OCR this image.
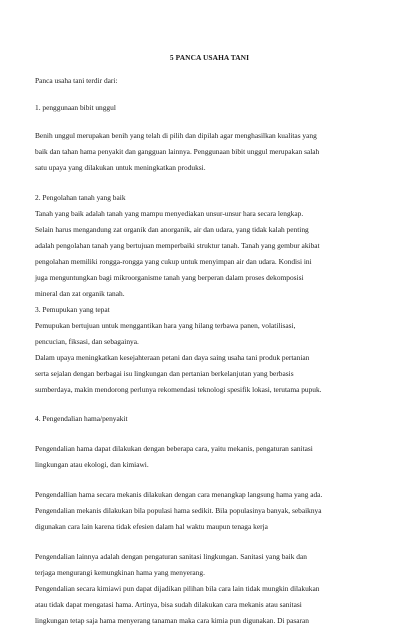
5 PANCA USAHA TANI

Panca usaha tani terdir dari:

1. penggunaan bibit unggul

Benih unggul merupakan benih yang telah di pilih dan dipilah agar menghasilkan kualitas yang

baik dan tahan hama penyakit dan gangguan lainnya. Penggunaan bibit unggul merupakan salah

satu upaya yang dilakukan untuk meningkatkan produksi.

2. Pengolahan tanah yang baik

Tanah yang baik adalah tanah yang mampu menyediakan unsur-unsur hara secara lengkap.

Selain harus mengandung zat organik dan anorganik, air dan udara, yang tidak kalah penting

adalah pengolahan tanah yang bertujuan memperbaiki struktur tanah. Tanah yang gembur akibat

pengolahan memiliki rongga-rongga yang cukup untuk menyimpan air dan udara. Kondisi ini

juga menguntungkan bagi mikroorganisme tanah yang berperan dalam proses dekomposisi

mineral dan zat organik tanah.

3. Pemupukan yang tepat

Pemupukan bertujuan untuk menggantikan hara yang hilang terbawa panen, volatilisasi,

pencucian, fiksasi, dan sebagainya.

Dalam upaya meningkatkan kesejahteraan petani dan daya saing usaha tani produk pertanian

serta sejalan dengan berbagai isu lingkungan dan pertanian berkelanjutan yang berbasis

sumberdaya, makin mendorong perlunya rekomendasi teknologi spesifik lokasi, terutama pupuk.

4. Pengendalian hama/penyakit

Pengendalian hama dapat dilakukan dengan beberapa cara, yaitu mekanis, pengaturan sanitasi

lingkungan atau ekologi, dan kimiawi.

Pengendallian hama secara mekanis dilakukan dengan cara menangkap langsung hama yang ada.

Pengendalian mekanis dilakukan bila populasi hama sedikit. Bila populasinya banyak, sebaiknya

digunakan cara lain karena tidak efesien dalam hal waktu maupun tenaga kerja

Pengendalian lainnya adalah dengan pengaturan sanitasi lingkungan. Sanitasi yang baik dan

terjaga mengurangi kemungkinan hama yang menyerang.

Pengendalian secara kimiawi pun dapat dijadikan pilihan bila cara lain tidak mungkin dilakukan

atau tidak dapat mengatasi hama. Artinya, bisa sudah dilakukan cara mekanis atau sanitasi

lingkungan tetap saja hama menyerang tanaman maka cara kimia pun digunakan. Di pasaran
